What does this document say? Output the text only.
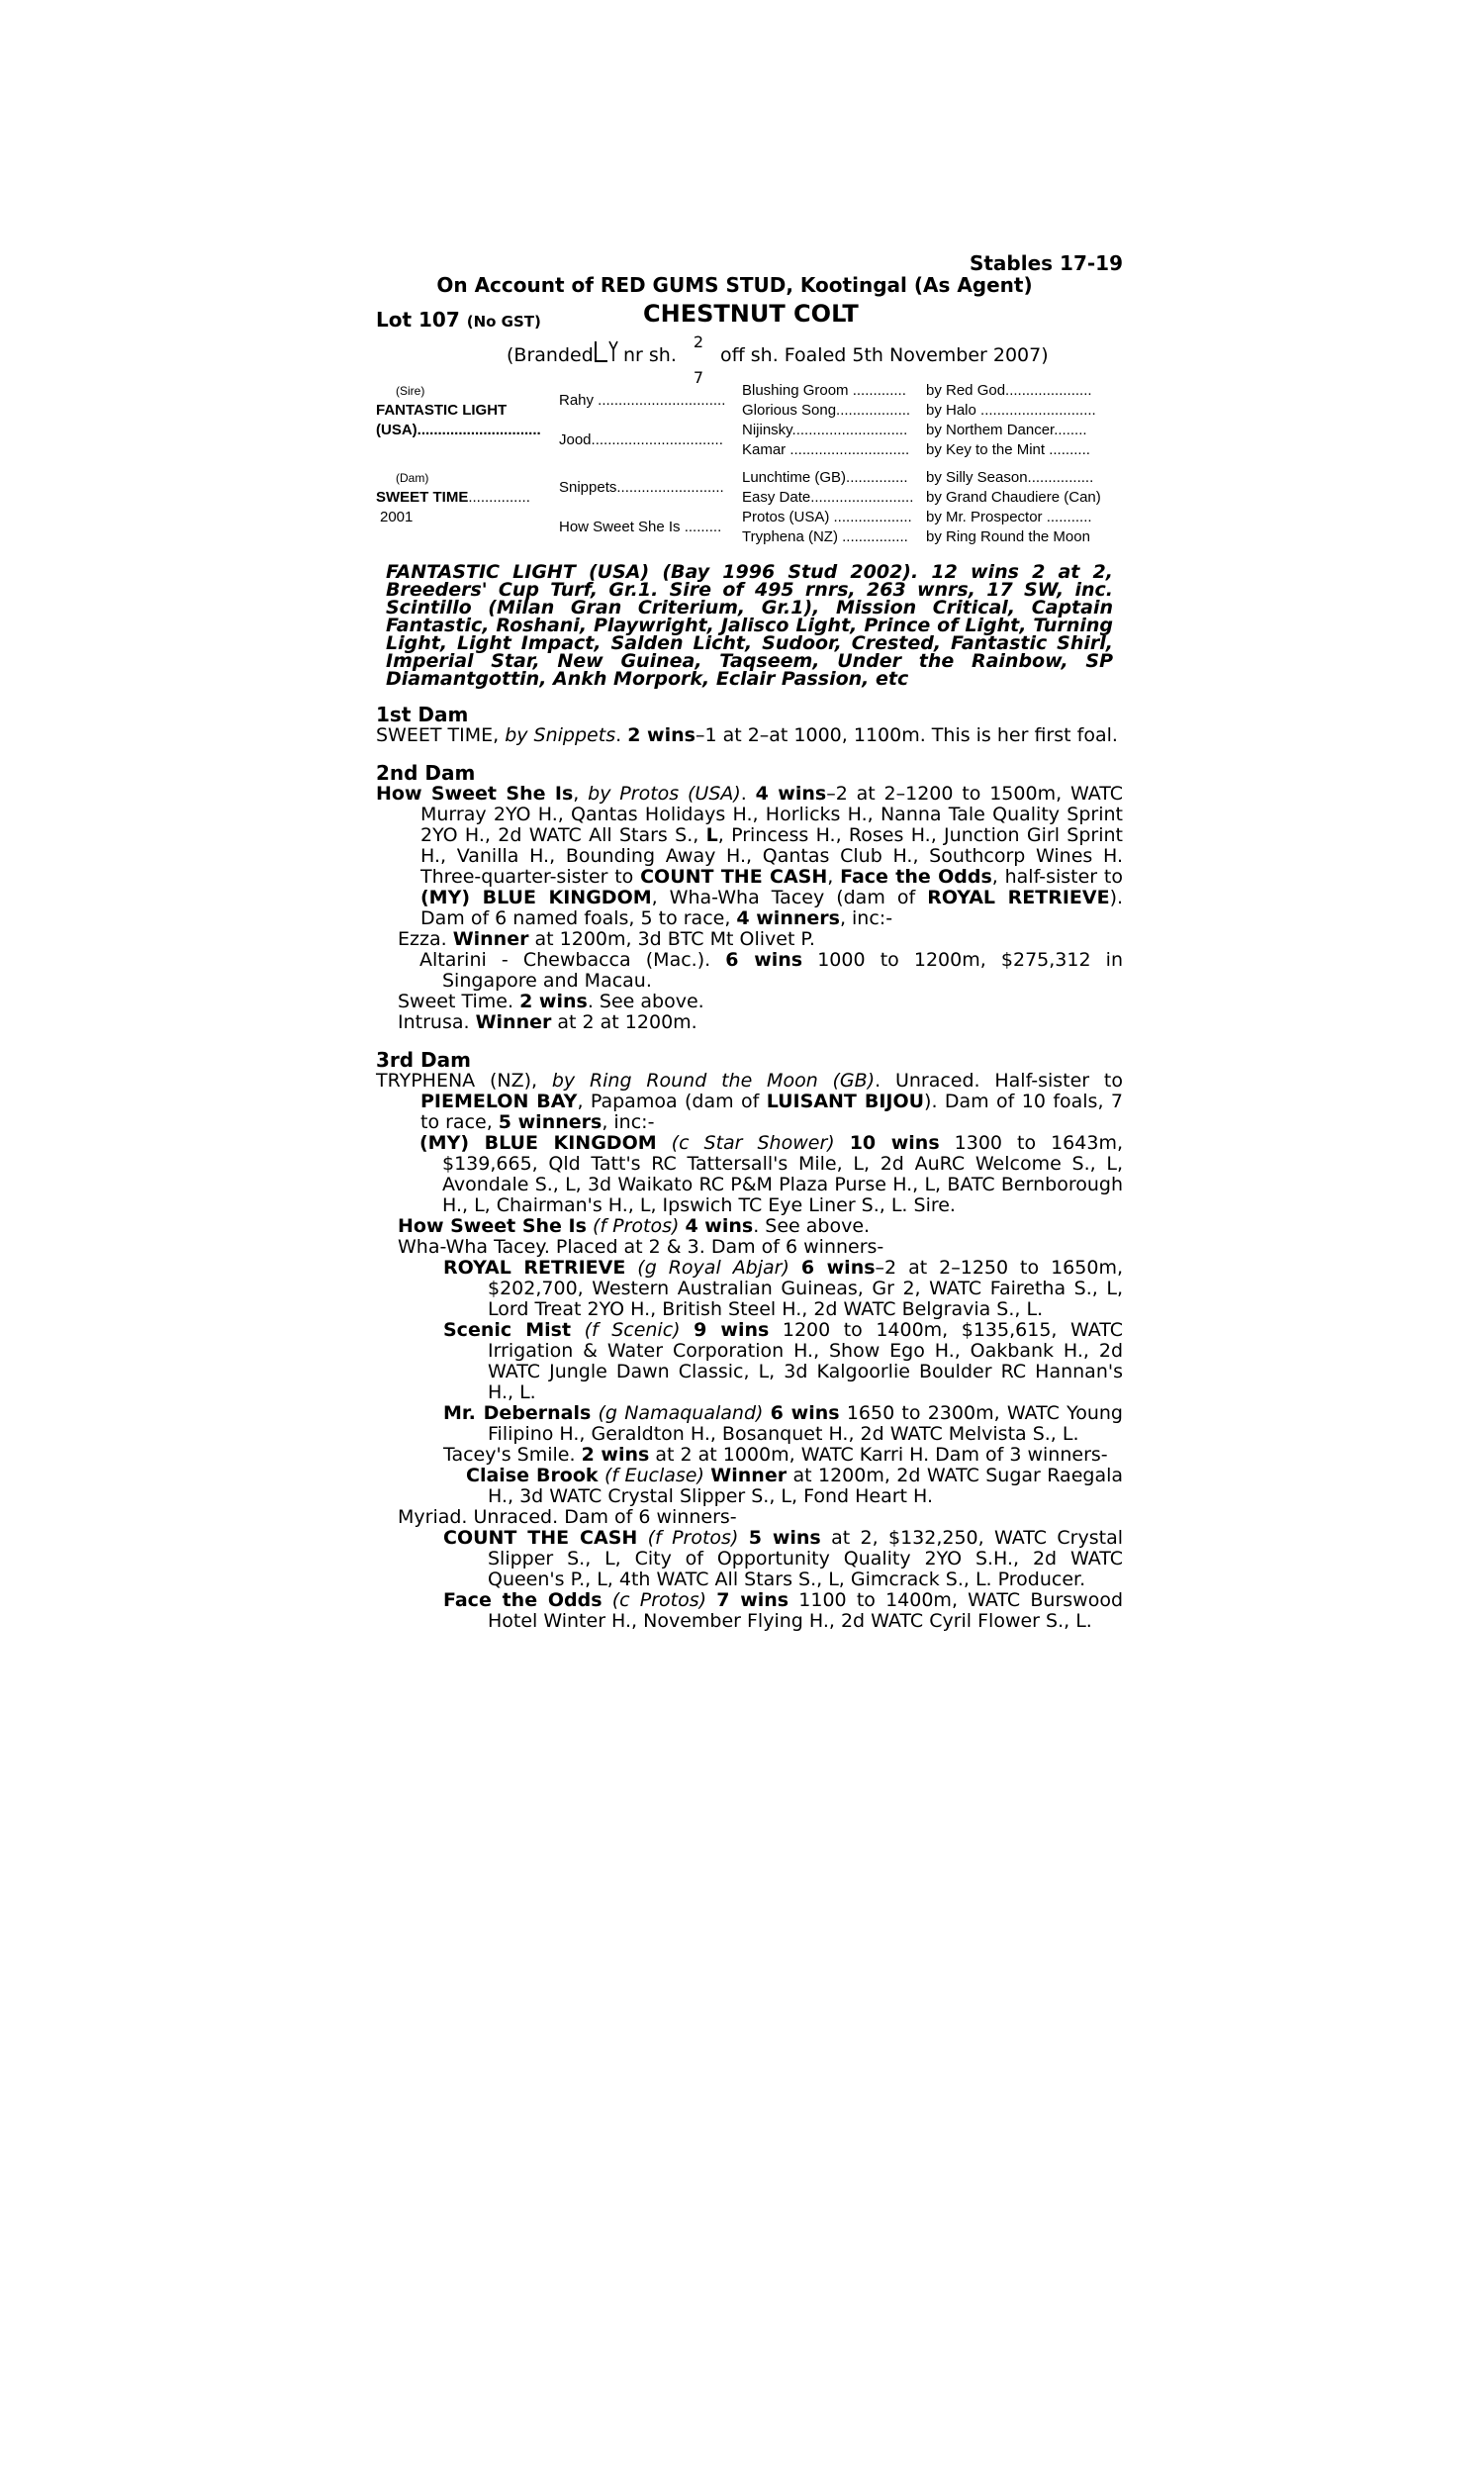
Stables 17-19
On Account of RED GUMS STUD, Kootingal (As Agent)
Lot 107 (No GST)	CHESTNUT COLT
(Branded nr sh.
2

7
off sh. Foaled 5th November 2007)
(Sire)
FANTASTIC LIGHT
(USA)..............................
(Dam)
SWEET TIME...............
2001
Rahy ...............................
Jood................................
Snippets..........................
How Sweet She Is .........
Blushing Groom .............
Glorious Song..................
Nijinsky............................
Kamar .............................
Lunchtime (GB)...............
Easy Date.........................
Protos (USA) ...................
Tryphena (NZ) ................
by Red God.....................
by Halo ............................
by Northem Dancer........
by Key to the Mint ..........
by Silly Season................
by Grand Chaudiere (Can)
by Mr. Prospector ...........
by Ring Round the Moon
FANTASTIC LIGHT (USA) (Bay 1996 Stud 2002). 12 wins 2 at 2, Breeders' Cup Turf, Gr.1. Sire of 495 rnrs, 263 wnrs, 17 SW, inc. Scintillo (Milan Gran Criterium, Gr.1), Mission Critical, Captain Fantastic, Roshani, Playwright, Jalisco Light, Prince of Light, Turning Light, Light Impact, Salden Licht, Sudoor, Crested, Fantastic Shirl, Imperial Star, New Guinea, Taqseem, Under the Rainbow, SP Diamantgottin, Ankh Morpork, Eclair Passion, etc
1st Dam
SWEET TIME, by Snippets. 2 wins–1 at 2–at 1000, 1100m. This is her first foal.
2nd Dam
How Sweet She Is, by Protos (USA). 4 wins–2 at 2–1200 to 1500m, WATC Murray 2YO H., Qantas Holidays H., Horlicks H., Nanna Tale Quality Sprint 2YO H., 2d WATC All Stars S., L, Princess H., Roses H., Junction Girl Sprint H., Vanilla H., Bounding Away H., Qantas Club H., Southcorp Wines H. Three-quarter-sister to COUNT THE CASH, Face the Odds, half-sister to (MY) BLUE KINGDOM, Wha-Wha Tacey (dam of ROYAL RETRIEVE). Dam of 6 named foals, 5 to race, 4 winners, inc:-
Ezza. Winner at 1200m, 3d BTC Mt Olivet P.
Altarini - Chewbacca (Mac.). 6 wins 1000 to 1200m, $275,312 in Singapore and Macau.
Sweet Time. 2 wins. See above.
Intrusa. Winner at 2 at 1200m.
3rd Dam
TRYPHENA (NZ), by Ring Round the Moon (GB). Unraced. Half-sister to PIEMELON BAY, Papamoa (dam of LUISANT BIJOU). Dam of 10 foals, 7 to race, 5 winners, inc:-
(MY) BLUE KINGDOM (c Star Shower) 10 wins 1300 to 1643m, $139,665, Qld Tatt's RC Tattersall's Mile, L, 2d AuRC Welcome S., L, Avondale S., L, 3d Waikato RC P&M Plaza Purse H., L, BATC Bernborough H., L, Chairman's H., L, Ipswich TC Eye Liner S., L. Sire.
How Sweet She Is (f Protos) 4 wins. See above.
Wha-Wha Tacey. Placed at 2 & 3. Dam of 6 winners-
ROYAL RETRIEVE (g Royal Abjar) 6 wins–2 at 2–1250 to 1650m, $202,700, Western Australian Guineas, Gr 2, WATC Fairetha S., L, Lord Treat 2YO H., British Steel H., 2d WATC Belgravia S., L.
Scenic Mist (f Scenic) 9 wins 1200 to 1400m, $135,615, WATC Irrigation & Water Corporation H., Show Ego H., Oakbank H., 2d WATC Jungle Dawn Classic, L, 3d Kalgoorlie Boulder RC Hannan's H., L.
Mr. Debernals (g Namaqualand) 6 wins 1650 to 2300m, WATC Young Filipino H., Geraldton H., Bosanquet H., 2d WATC Melvista S., L.
Tacey's Smile. 2 wins at 2 at 1000m, WATC Karri H. Dam of 3 winners-
Claise Brook (f Euclase) Winner at 1200m, 2d WATC Sugar Raegala H., 3d WATC Crystal Slipper S., L, Fond Heart H.
Myriad. Unraced. Dam of 6 winners-
COUNT THE CASH (f Protos) 5 wins at 2, $132,250, WATC Crystal Slipper S., L, City of Opportunity Quality 2YO S.H., 2d WATC Queen's P., L, 4th WATC All Stars S., L, Gimcrack S., L. Producer.
Face the Odds (c Protos) 7 wins 1100 to 1400m, WATC Burswood Hotel Winter H., November Flying H., 2d WATC Cyril Flower S., L.
